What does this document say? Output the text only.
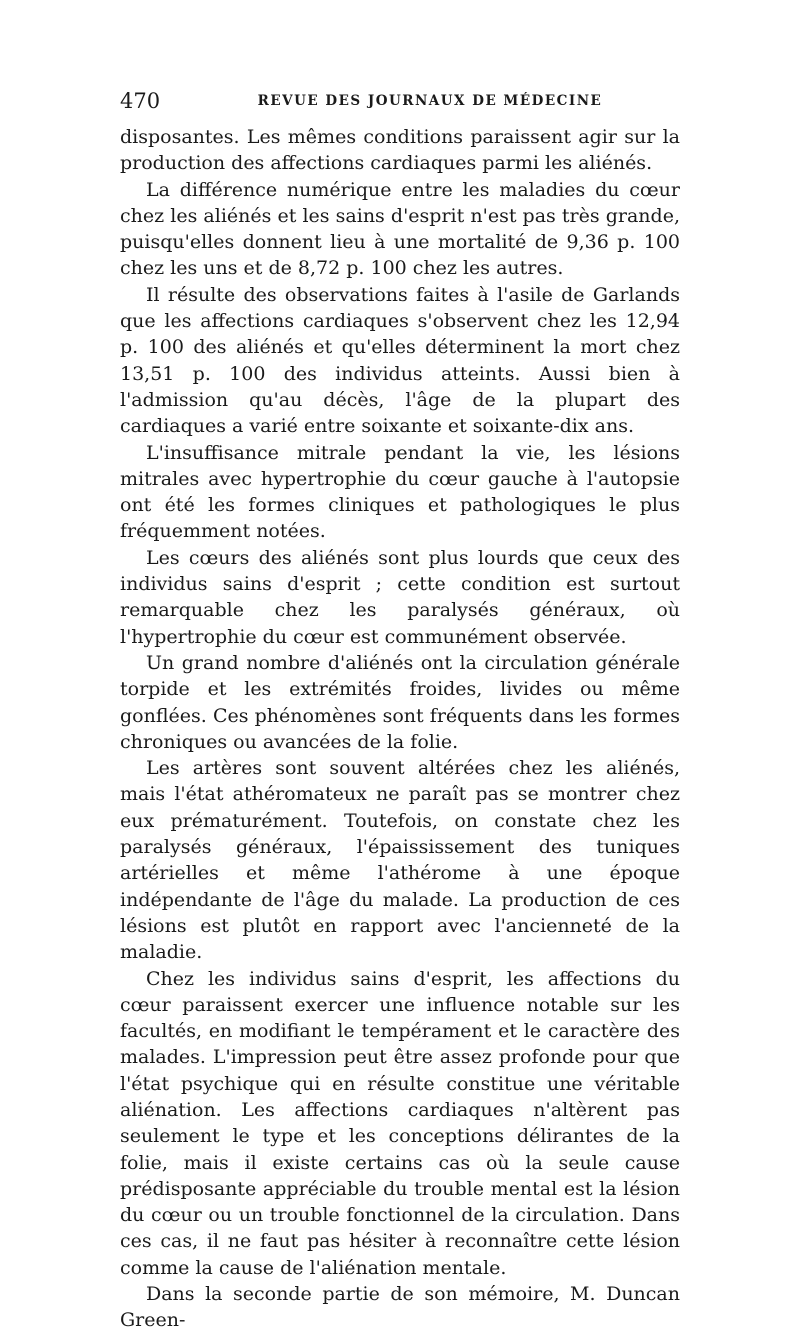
470	REVUE DES JOURNAUX DE MÉDECINE

disposantes. Les mêmes conditions paraissent agir sur la production des affections cardiaques parmi les aliénés.

La différence numérique entre les maladies du cœur chez les aliénés et les sains d'esprit n'est pas très grande, puisqu'elles donnent lieu à une mortalité de 9,36 p. 100 chez les uns et de 8,72 p. 100 chez les autres.

Il résulte des observations faites à l'asile de Garlands que les affections cardiaques s'observent chez les 12,94 p. 100 des aliénés et qu'elles déterminent la mort chez 13,51 p. 100 des individus atteints. Aussi bien à l'admission qu'au décès, l'âge de la plupart des cardiaques a varié entre soixante et soixante-dix ans.

L'insuffisance mitrale pendant la vie, les lésions mitrales avec hypertrophie du cœur gauche à l'autopsie ont été les formes cliniques et pathologiques le plus fréquemment notées.

Les cœurs des aliénés sont plus lourds que ceux des individus sains d'esprit ; cette condition est surtout remarquable chez les paralysés généraux, où l'hypertrophie du cœur est communément observée.

Un grand nombre d'aliénés ont la circulation générale torpide et les extrémités froides, livides ou même gonflées. Ces phénomènes sont fréquents dans les formes chroniques ou avancées de la folie.

Les artères sont souvent altérées chez les aliénés, mais l'état athéromateux ne paraît pas se montrer chez eux prématurément. Toutefois, on constate chez les paralysés généraux, l'épaississement des tuniques artérielles et même l'athérome à une époque indépendante de l'âge du malade. La production de ces lésions est plutôt en rapport avec l'ancienneté de la maladie.

Chez les individus sains d'esprit, les affections du cœur paraissent exercer une influence notable sur les facultés, en modifiant le tempérament et le caractère des malades. L'impression peut être assez profonde pour que l'état psychique qui en résulte constitue une véritable aliénation. Les affections cardiaques n'altèrent pas seulement le type et les conceptions délirantes de la folie, mais il existe certains cas où la seule cause prédisposante appréciable du trouble mental est la lésion du cœur ou un trouble fonctionnel de la circulation. Dans ces cas, il ne faut pas hésiter à reconnaître cette lésion comme la cause de l'aliénation mentale.

Dans la seconde partie de son mémoire, M. Duncan Green-
